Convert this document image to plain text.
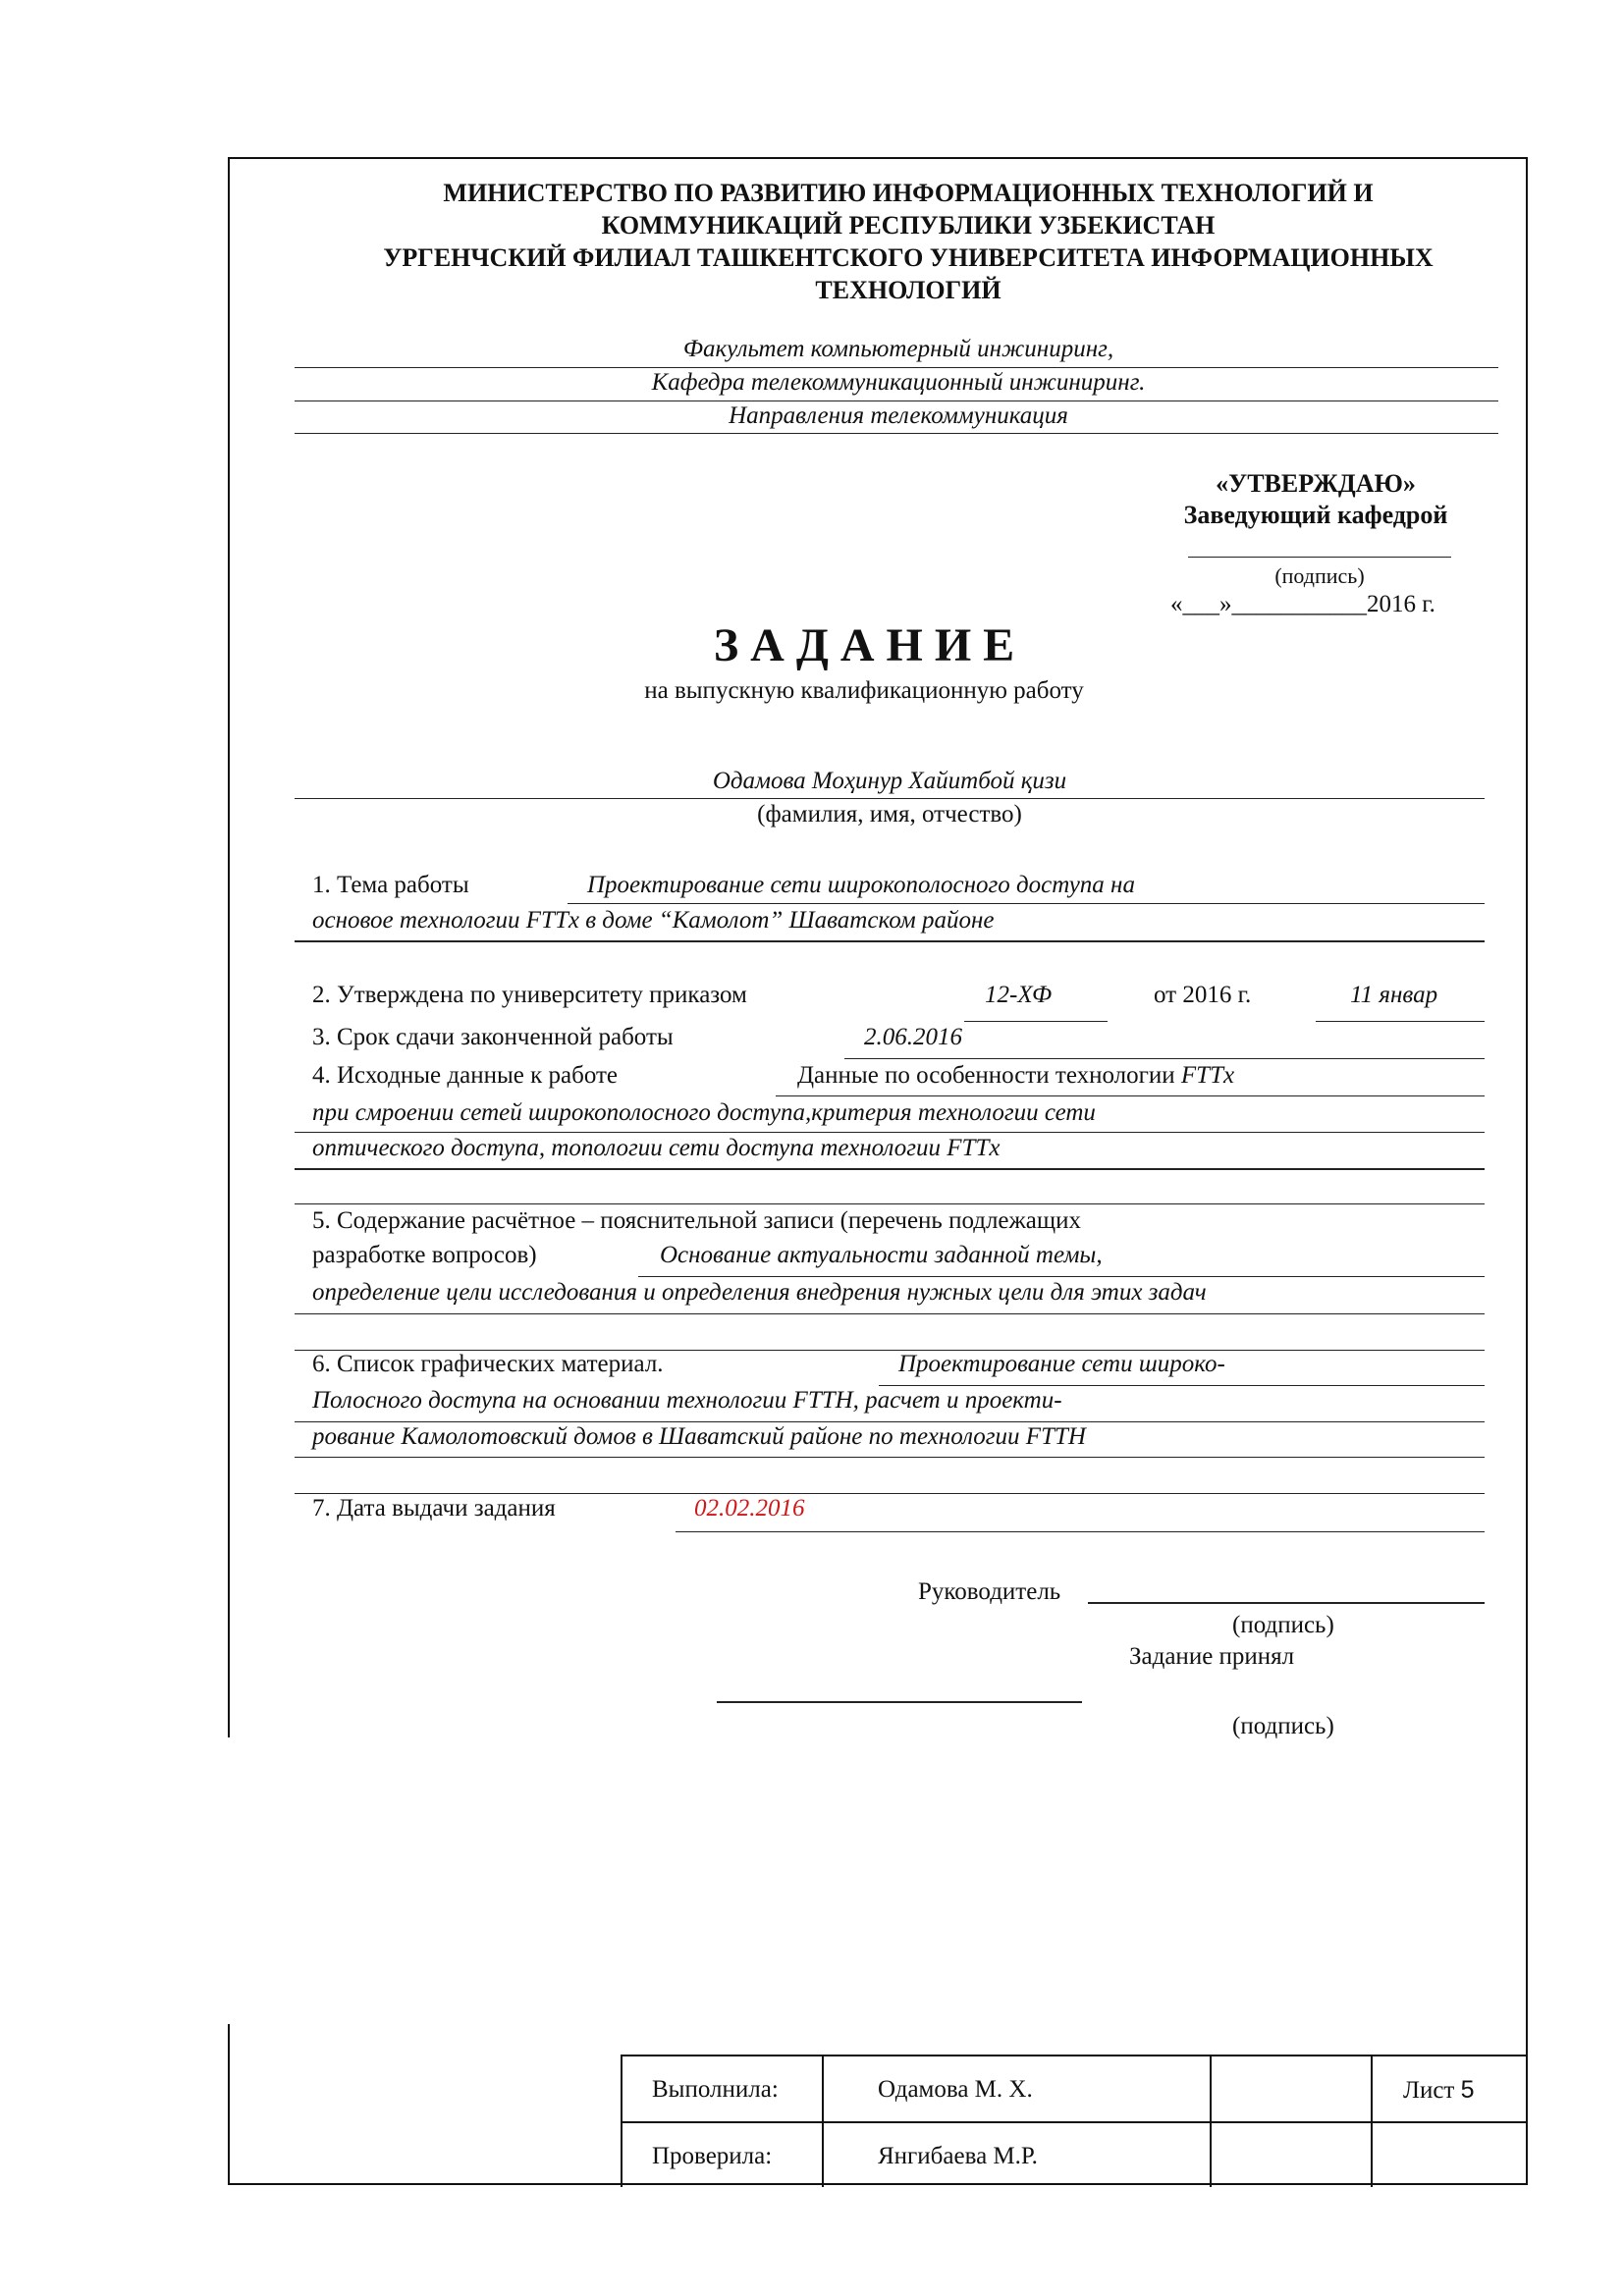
МИНИСТЕРСТВО ПО РАЗВИТИЮ ИНФОРМАЦИОННЫХ ТЕХНОЛОГИЙ И
КОММУНИКАЦИЙ РЕСПУБЛИКИ УЗБЕКИСТАН
УРГЕНЧСКИЙ ФИЛИАЛ ТАШКЕНТСКОГО УНИВЕРСИТЕТА ИНФОРМАЦИОННЫХ
ТЕХНОЛОГИЙ
Факультет компьютерный инжиниринг,
Кафедра телекоммуникационный инжиниринг.
Направления телекоммуникация
«УТВЕРЖДАЮ»
Заведующий кафедрой
(подпись)
«___»___________2016 г.
З А Д А Н И Е
на выпускную квалификационную работу
Одамова Моҳинур Хайитбой қизи
(фамилия, имя, отчество)
1. Тема работы	Проектирование сети широкополосного доступа на
основое технологии FTTx в доме “Камолот” Шаватском районе
2. Утверждена по университету приказом	12-ХФ	от 2016 г.	11 январ
3. Срок сдачи законченной работы	2.06.2016
4. Исходные данные к работе	Данные по особенности технологии FTTx
при смроении сетей широкополосного доступа,критерия технологии сети
оптического доступа, топологии сети доступа технологии FTTx
5. Содержание расчётное – пояснительной записи (перечень подлежащих
разработке вопросов)	Основание актуальности заданной темы,
определение цели исследования и определения внедрения нужных цели для этих задач
6. Список графических материал.	Проектирование сети широко-
Полосного доступа на основании технологии FTTH, расчет и проекти-
рование Камолотовский домов в Шаватский районе по технологии FTTH
7. Дата выдачи задания	02.02.2016
Руководитель
(подпись)
Задание принял
(подпись)
Выполнила:	Одамова М. Х.	Лист 5
Проверила:	Янгибаева М.Р.
